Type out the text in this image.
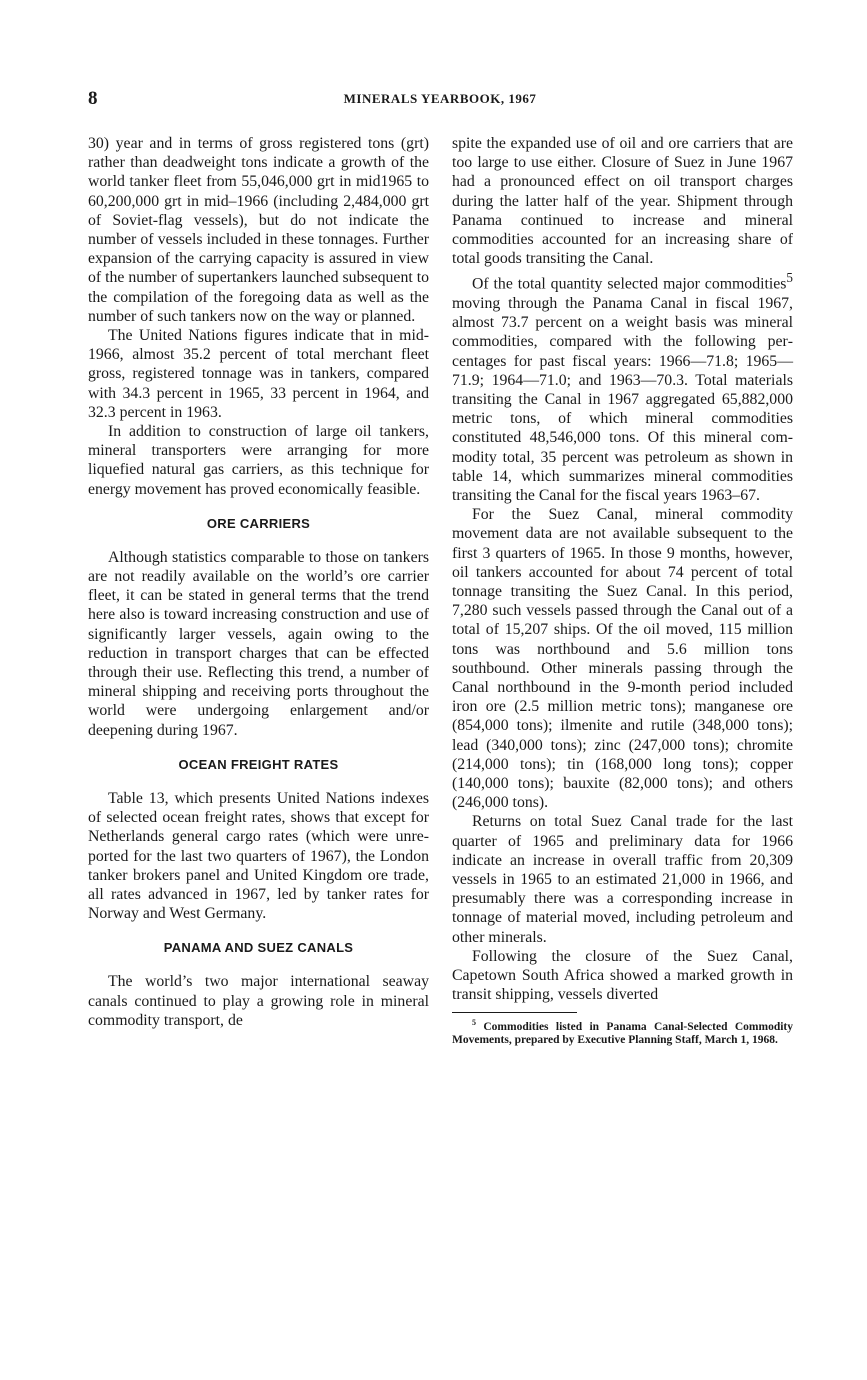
8	MINERALS YEARBOOK, 1967

30) year and in terms of gross registered tons (grt) rather than deadweight tons indicate a growth of the world tanker fleet from 55,046,000 grt in mid1965 to 60,200,000 grt in mid–1966 (including 2,484,000 grt of Soviet-flag vessels), but do not indicate the number of vessels included in these tonnages. Further expansion of the carrying capacity is assured in view of the number of supertankers launched subsequent to the compilation of the foregoing data as well as the number of such tankers now on the way or planned.

The United Nations figures indicate that in mid-1966, almost 35.2 percent of total merchant fleet gross, registered tonnage was in tankers, compared with 34.3 percent in 1965, 33 percent in 1964, and 32.3 percent in 1963.

In addition to construction of large oil tankers, mineral transporters were arranging for more liquefied natural gas carriers, as this technique for energy movement has proved economically feasible.

ORE CARRIERS

Although statistics comparable to those on tankers are not readily available on the world’s ore carrier fleet, it can be stated in general terms that the trend here also is toward increasing construction and use of significantly larger vessels, again owing to the reduction in transport charges that can be effected through their use. Reflecting this trend, a number of mineral shipping and receiving ports throughout the world were undergoing enlargement and/or deepening during 1967.

OCEAN FREIGHT RATES

Table 13, which presents United Nations indexes of selected ocean freight rates, shows that except for Netherlands general cargo rates (which were unreported for the last two quarters of 1967), the London tanker brokers panel and United Kingdom ore trade, all rates advanced in 1967, led by tanker rates for Norway and West Germany.

PANAMA AND SUEZ CANALS

The world’s two major international seaway canals continued to play a growing role in mineral commodity transport, de

spite the expanded use of oil and ore carriers that are too large to use either. Closure of Suez in June 1967 had a pronounced effect on oil transport charges during the latter half of the year. Shipment through Panama continued to increase and mineral commodities accounted for an increasing share of total goods transiting the Canal.

Of the total quantity selected major commodities$^5$ moving through the Panama Canal in fiscal 1967, almost 73.7 percent on a weight basis was mineral commodities, compared with the following percentages for past fiscal years: 1966—71.8; 1965—71.9; 1964—71.0; and 1963—70.3. Total materials transiting the Canal in 1967 aggregated 65,882,000 metric tons, of which mineral commodities constituted 48,546,000 tons. Of this mineral commodity total, 35 percent was petroleum as shown in table 14, which summarizes mineral commodities transiting the Canal for the fiscal years 1963–67.

For the Suez Canal, mineral commodity movement data are not available subsequent to the first 3 quarters of 1965. In those 9 months, however, oil tankers accounted for about 74 percent of total tonnage transiting the Suez Canal. In this period, 7,280 such vessels passed through the Canal out of a total of 15,207 ships. Of the oil moved, 115 million tons was northbound and 5.6 million tons southbound. Other minerals passing through the Canal northbound in the 9-month period included iron ore (2.5 million metric tons); manganese ore (854,000 tons); ilmenite and rutile (348,000 tons); lead (340,000 tons); zinc (247,000 tons); chromite (214,000 tons); tin (168,000 long tons); copper (140,000 tons); bauxite (82,000 tons); and others (246,000 tons).

Returns on total Suez Canal trade for the last quarter of 1965 and preliminary data for 1966 indicate an increase in overall traffic from 20,309 vessels in 1965 to an estimated 21,000 in 1966, and presumably there was a corresponding increase in tonnage of material moved, including petroleum and other minerals.

Following the closure of the Suez Canal, Capetown South Africa showed a marked growth in transit shipping, vessels diverted

$^5$ Commodities listed in Panama Canal-Selected Commodity Movements, prepared by Executive Planning Staff, March 1, 1968.
